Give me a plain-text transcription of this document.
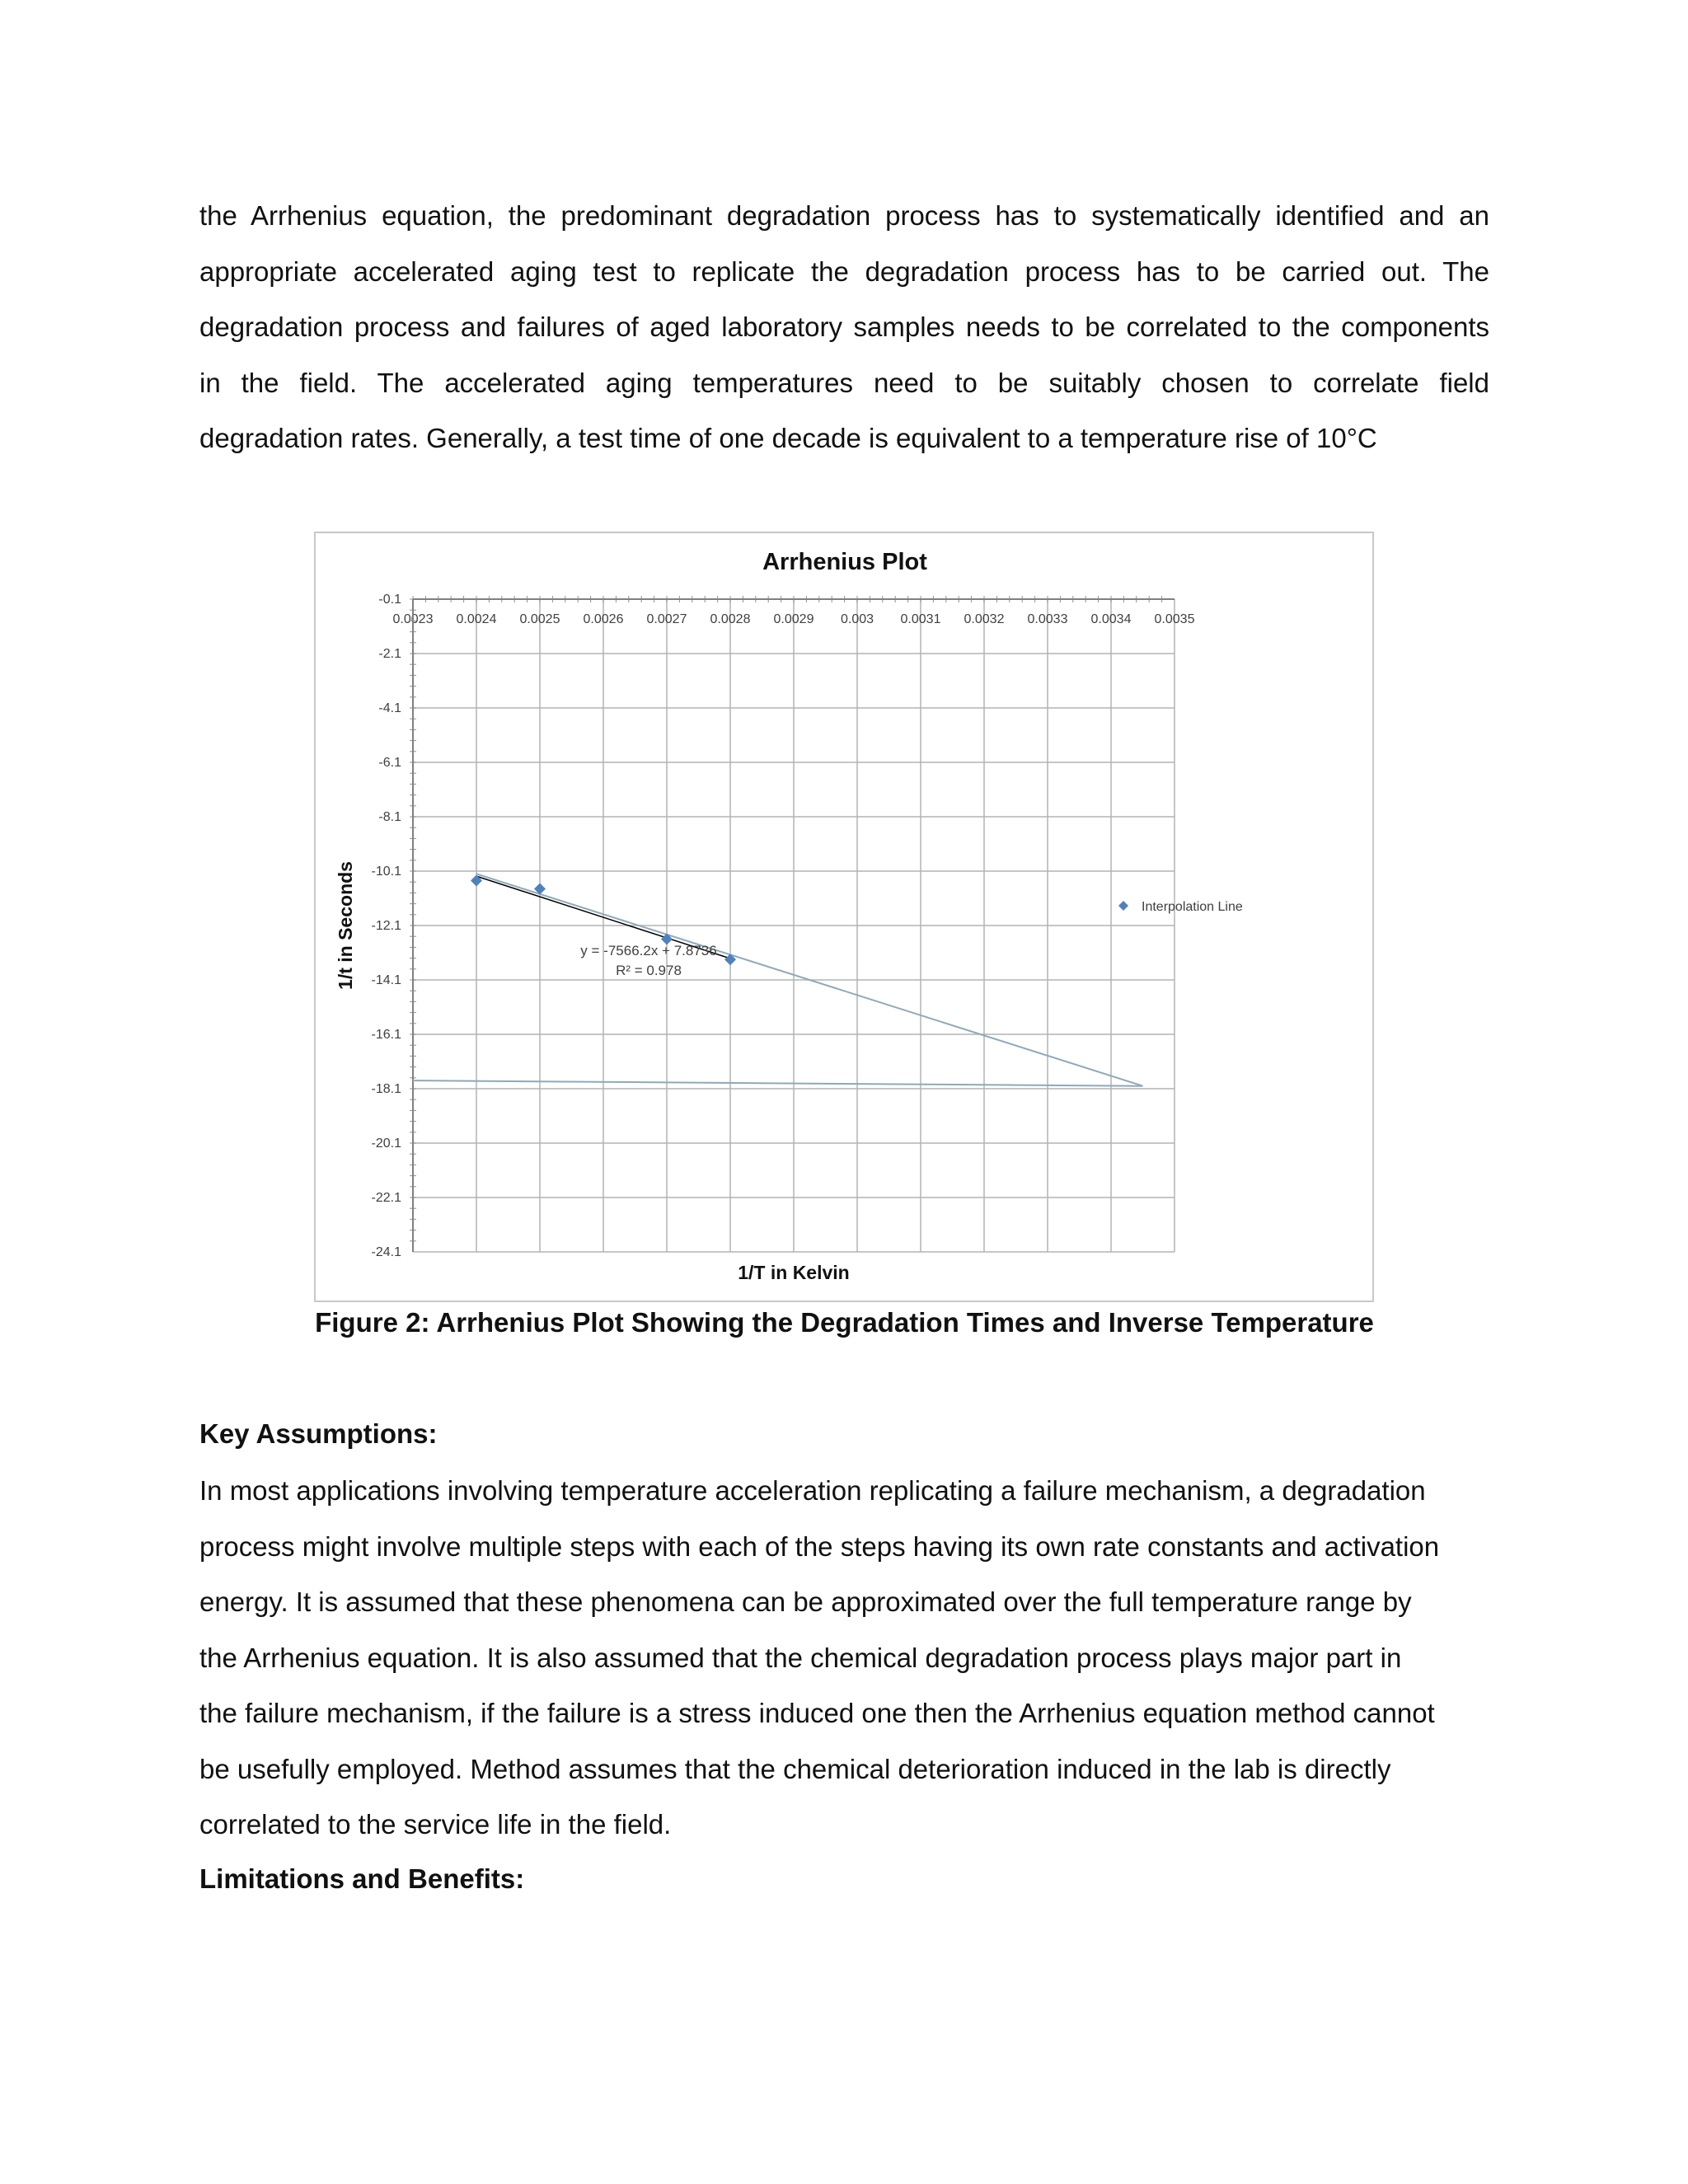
the Arrhenius equation, the predominant degradation process has to systematically identified and an
appropriate accelerated aging test to replicate the degradation process has to be carried out. The
degradation process and failures of aged laboratory samples needs to be correlated to the components
in the field. The accelerated aging temperatures need to be suitably chosen to correlate field
degradation rates. Generally, a test time of one decade is equivalent to a temperature rise of 10°C
0.0023 0.0024 0.0025 0.0026 0.0027 0.0028 0.0029 0.003 0.0031 0.0032 0.0033 0.0034 0.0035
-0.1
-2.1
-4.1
-6.1
-8.1
-10.1
-12.1
-14.1
-16.1
-18.1
-20.1
-22.1
-24.1
y = -7566.2x + 7.8736
R² = 0.978
Interpolation Line
Arrhenius Plot
1/T in Kelvin
1/t in Seconds

Figure 2: Arrhenius Plot Showing the Degradation Times and Inverse Temperature

Key Assumptions:

In most applications involving temperature acceleration replicating a failure mechanism, a degradation
process might involve multiple steps with each of the steps having its own rate constants and activation
energy. It is assumed that these phenomena can be approximated over the full temperature range by
the Arrhenius equation. It is also assumed that the chemical degradation process plays major part in
the failure mechanism, if the failure is a stress induced one then the Arrhenius equation method cannot
be usefully employed. Method assumes that the chemical deterioration induced in the lab is directly
correlated to the service life in the field.

Limitations and Benefits:
